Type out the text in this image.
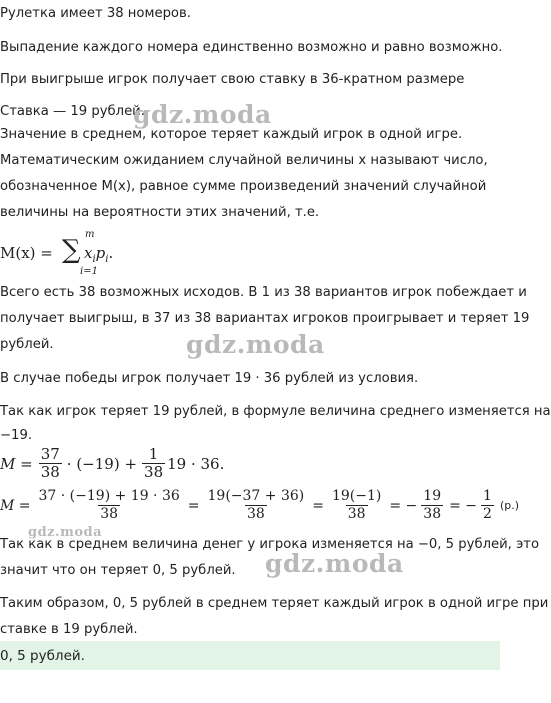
Рулетка имеет 38 номеров.
Выпадение каждого номера единственно возможно и равно возможно.
При выигрыше игрок получает свою ставку в 36-кратном размере
Ставка — 19 рублей.
Значение в среднем, которое теряет каждый игрок в одной игре.
Математическим ожиданием случайной величины x называют число,
обозначенное M(x), равное сумме произведений значений случайной
величины на вероятности этих значений, т.е.
M(x) =
m
∑
i=1
$x_ip_i$.
Всего есть 38 возможных исходов. В 1 из 38 вариантов игрок побеждает и
получает выигрыш, в 37 из 38 вариантах игроков проигрывает и теряет 19
рублей.
В случае победы игрок получает 19 · 36 рублей из условия.
Так как игрок теряет 19 рублей, в формуле величина среднего изменяется на
−19.
$M = \frac{37}{38} \cdot (-19) + \frac{1}{38} 19 \cdot 36$.
$M = \frac{37 \cdot (-19) + 19 \cdot 36}{38} = \frac{19(-37 + 36)}{38} = \frac{19(-1)}{38}$ = − $\frac{19}{38}$ = − $\frac{1}{2} (р.)$
Так как в среднем величина денег у игрока изменяется на −0, 5 рублей, это
значит что он теряет 0, 5 рублей.
Таким образом, 0, 5 рублей в среднем теряет каждый игрок в одной игре при
ставке в 19 рублей.
0, 5 рублей.
gdz.moda
gdz.moda
gdz.moda
gdz.moda
